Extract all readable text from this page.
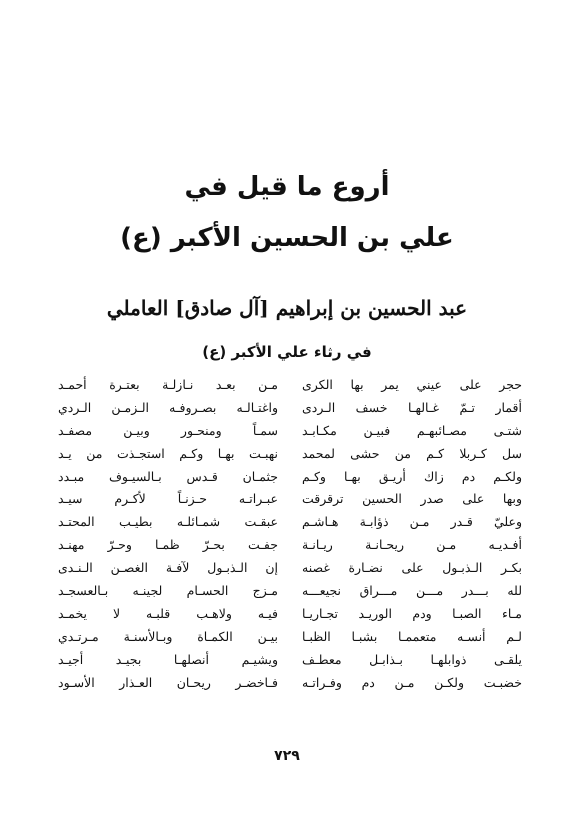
أروع ما قيل في
علي بن الحسين الأكبر (ع)
عبد الحسين بن إبراهيم [آل صادق] العاملي
في رثاء علي الأكبر (ع)
حجر على عيني يمر بها الكرى
أقمار تـمّ غـالهـا خسف الـردى
شتـى مصـائبهـم فبيـن مكـابـد
سل كـربلا كـم من حشى لمحمد
ولكـم دم زاك أريـق بهـا وكـم
وبها على صدر الحسين ترقرقت
وعليّ قـدر مـن ذؤابـة هـاشـم
أفـديـه مـن ريحـانـة ريـانـة
بكـر الـذبـول على نضـارة غصنه
لله بـــدر مـــن مـــراق نجيعـــه
مـاء الصبـا ودم الوريـد تجـاريـا
لـم أنسـه متعممـا بشبـا الظبـا
يلقـى ذوابلهـا بـذابـل معطـف
خضبـت ولكـن مـن دم وفـراتـه
مـن بعـد نـازلـة بعتـرة أحمـد
واغتـالـه بصـروفـه الـزمـن الـردي
سمـاً ومنحـور وبيـن مصفـد
نهبـت بهـا وكـم استجـذت من يـد
جثمـان قـدس بـالسيـوف مبـدد
عبـراتـه حـزنـاً لأكـرم سيـد
عبقـت شمـائلـه بطيـب المحتـد
جفـت بحـرّ ظمـا وحـرّ مهنـد
إن الـذبـول لآفـة الغصـن الـنـدى
مـزج الحسـام لجينـه بـالعسجـد
فيـه ولاهـب قلبـه لا يخمـد
بيـن الكمـاة وبـالأسنـة مـرتـدي
ويشيـم أنصلهـا بجيـد أجيـد
فـاخضـر ريحـان العـذار الأسـود
٧٢٩
